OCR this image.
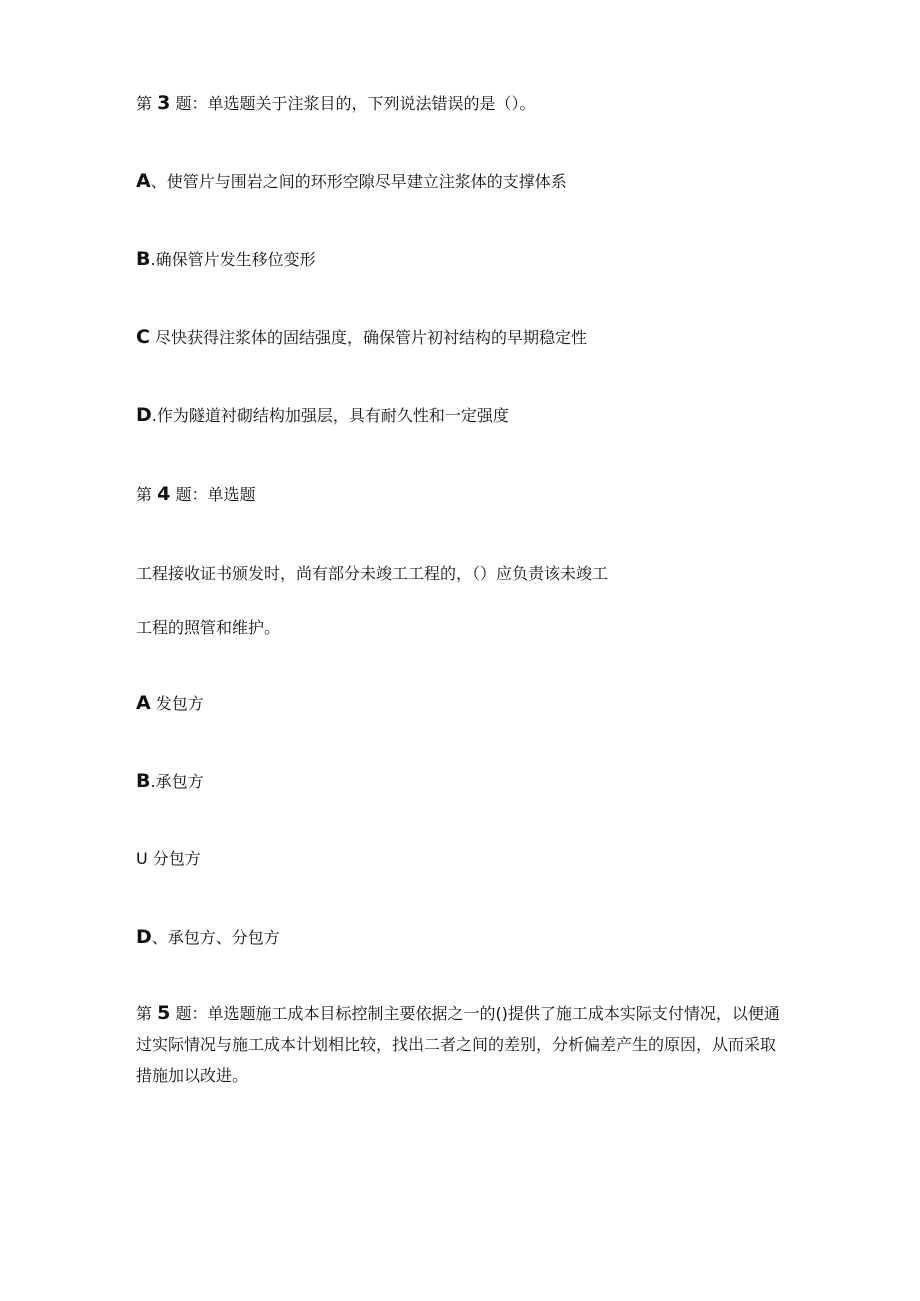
第 3 题：单选题关于注浆目的，下列说法错误的是（）。
A、使管片与围岩之间的环形空隙尽早建立注浆体的支撑体系
B.确保管片发生移位变形
C 尽快获得注浆体的固结强度，确保管片初衬结构的早期稳定性
D.作为隧道衬砌结构加强层，具有耐久性和一定强度
第 4 题：单选题
工程接收证书颁发时，尚有部分未竣工工程的，（）应负责该未竣工
工程的照管和维护。
A 发包方
B.承包方
U 分包方
D、承包方、分包方
第 5 题：单选题施工成本目标控制主要依据之一的()提供了施工成本实际支付情况，以便通过实际情况与施工成本计划相比较，找出二者之间的差别，分析偏差产生的原因，从而采取措施加以改进。
